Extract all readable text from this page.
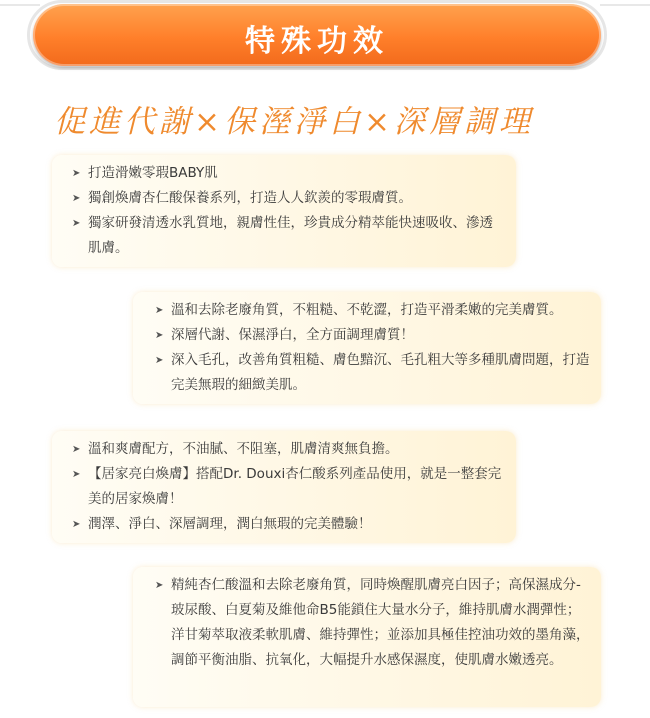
特殊功效
促進代謝×保溼淨白×深層調理
➤ 打造滑嫩零瑕BABY肌
➤ 獨創煥膚杏仁酸保養系列，打造人人欽羨的零瑕膚質。
➤ 獨家研發清透水乳質地，親膚性佳，珍貴成分精萃能快速吸收、滲透肌膚。
➤ 溫和去除老廢角質，不粗糙、不乾澀，打造平滑柔嫩的完美膚質。
➤ 深層代謝、保濕淨白，全方面調理膚質！
➤ 深入毛孔，改善角質粗糙、膚色黯沉、毛孔粗大等多種肌膚問題，打造完美無瑕的細緻美肌。
➤ 溫和爽膚配方，不油膩、不阻塞，肌膚清爽無負擔。
➤ 【居家亮白煥膚】搭配Dr. Douxi杏仁酸系列產品使用，就是一整套完美的居家煥膚！
➤ 潤澤、淨白、深層調理，潤白無瑕的完美體驗！
➤ 精純杏仁酸溫和去除老廢角質，同時煥醒肌膚亮白因子；高保濕成分-玻尿酸、白夏菊及維他命B5能鎖住大量水分子，維持肌膚水潤彈性；洋甘菊萃取液柔軟肌膚、維持彈性；並添加具極佳控油功效的墨角藻，調節平衡油脂、抗氧化，大幅提升水感保濕度，使肌膚水嫩透亮。
